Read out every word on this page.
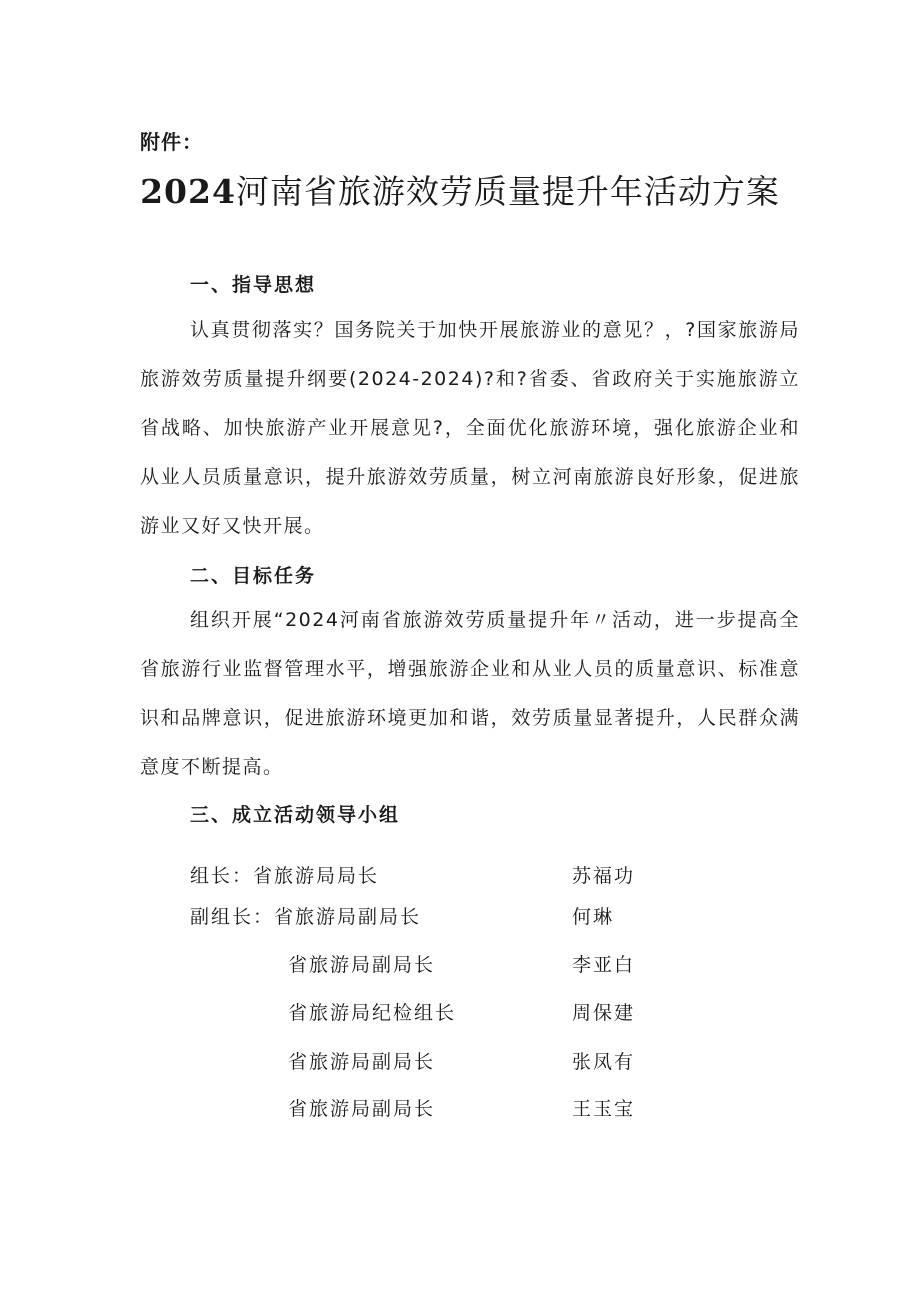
附件：
2024河南省旅游效劳质量提升年活动方案
一、指导思想

认真贯彻落实？国务院关于加快开展旅游业的意见？，?国家旅游局旅游效劳质量提升纲要(2024-2024)?和?省委、省政府关于实施旅游立省战略、加快旅游产业开展意见?，全面优化旅游环境，强化旅游企业和从业人员质量意识，提升旅游效劳质量，树立河南旅游良好形象，促进旅游业又好又快开展。

二、目标任务

组织开展“2024河南省旅游效劳质量提升年〃活动，进一步提高全省旅游行业监督管理水平，增强旅游企业和从业人员的质量意识、标准意识和品牌意识，促进旅游环境更加和谐，效劳质量显著提升，人民群众满意度不断提高。

三、成立活动领导小组
组长：省旅游局局长	苏福功
副组长：省旅游局副局长	何琳
省旅游局副局长	李亚白
省旅游局纪检组长	周保建
省旅游局副局长	张凤有
省旅游局副局长	王玉宝
